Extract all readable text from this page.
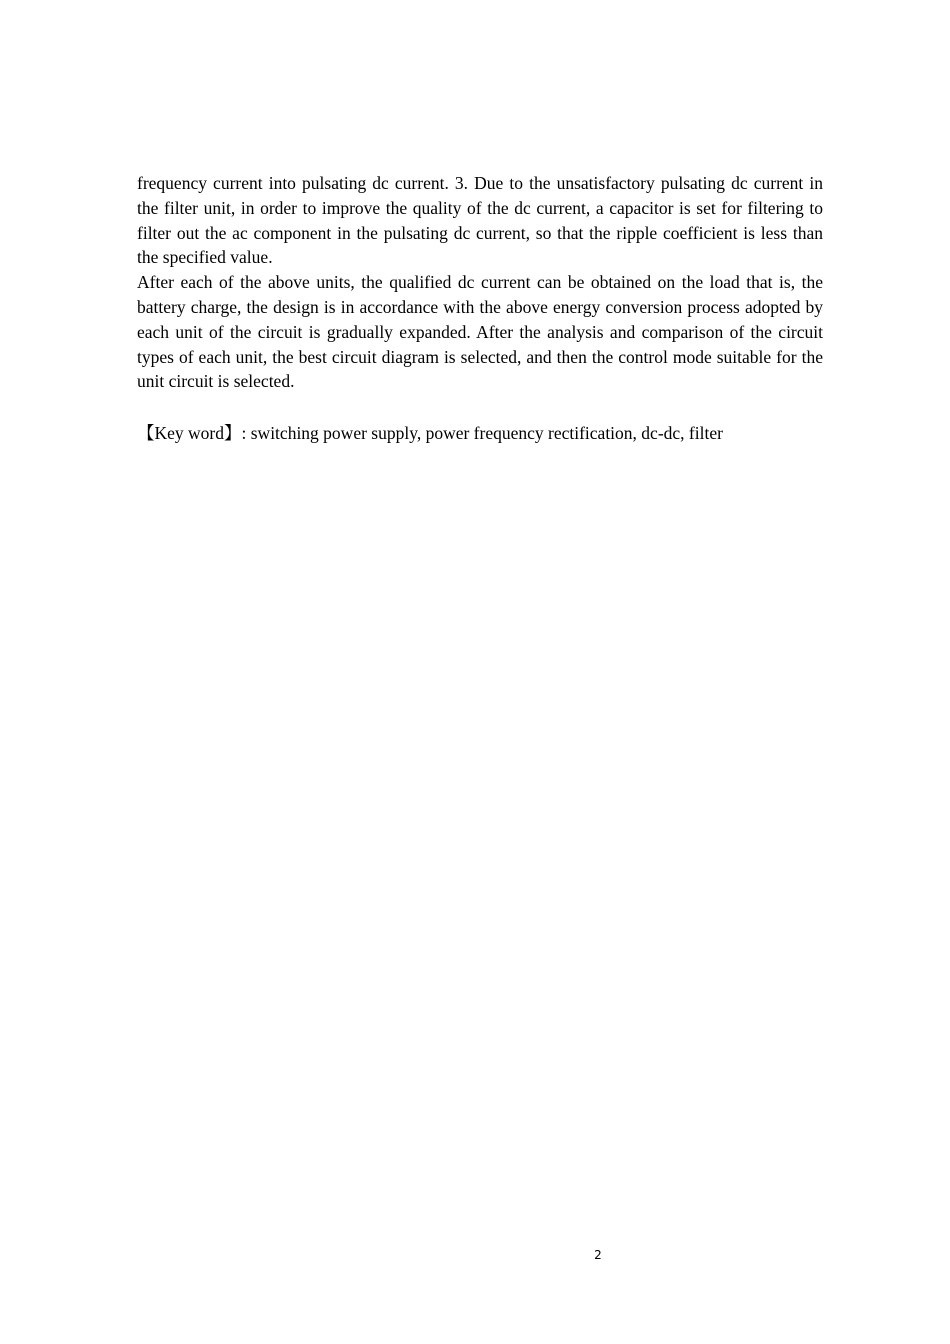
frequency current into pulsating dc current. 3. Due to the unsatisfactory pulsating dc current in the filter unit, in order to improve the quality of the dc current, a capacitor is set for filtering to filter out the ac component in the pulsating dc current, so that the ripple coefficient is less than the specified value.

After each of the above units, the qualified dc current can be obtained on the load that is, the battery charge, the design is in accordance with the above energy conversion process adopted by each unit of the circuit is gradually expanded. After the analysis and comparison of the circuit types of each unit, the best circuit diagram is selected, and then the control mode suitable for the unit circuit is selected.

【Key word】: switching power supply, power frequency rectification, dc-dc, filter
2
